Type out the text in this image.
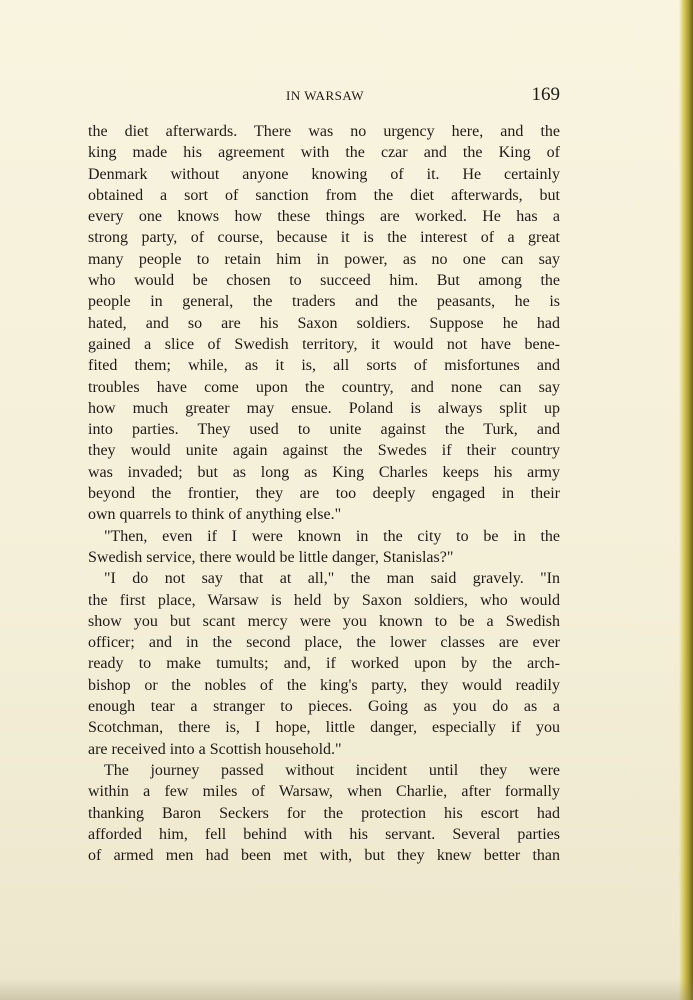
IN WARSAW	169
the diet afterwards. There was no urgency here, and the
king made his agreement with the czar and the King of
Denmark without anyone knowing of it. He certainly
obtained a sort of sanction from the diet afterwards, but
every one knows how these things are worked. He has a
strong party, of course, because it is the interest of a great
many people to retain him in power, as no one can say
who would be chosen to succeed him. But among the
people in general, the traders and the peasants, he is
hated, and so are his Saxon soldiers. Suppose he had
gained a slice of Swedish territory, it would not have bene-
fited them; while, as it is, all sorts of misfortunes and
troubles have come upon the country, and none can say
how much greater may ensue. Poland is always split up
into parties. They used to unite against the Turk, and
they would unite again against the Swedes if their country
was invaded; but as long as King Charles keeps his army
beyond the frontier, they are too deeply engaged in their
own quarrels to think of anything else."
"Then, even if I were known in the city to be in the
Swedish service, there would be little danger, Stanislas?"
"I do not say that at all," the man said gravely. "In
the first place, Warsaw is held by Saxon soldiers, who would
show you but scant mercy were you known to be a Swedish
officer; and in the second place, the lower classes are ever
ready to make tumults; and, if worked upon by the arch-
bishop or the nobles of the king's party, they would readily
enough tear a stranger to pieces. Going as you do as a
Scotchman, there is, I hope, little danger, especially if you
are received into a Scottish household."
The journey passed without incident until they were
within a few miles of Warsaw, when Charlie, after formally
thanking Baron Seckers for the protection his escort had
afforded him, fell behind with his servant. Several parties
of armed men had been met with, but they knew better than
